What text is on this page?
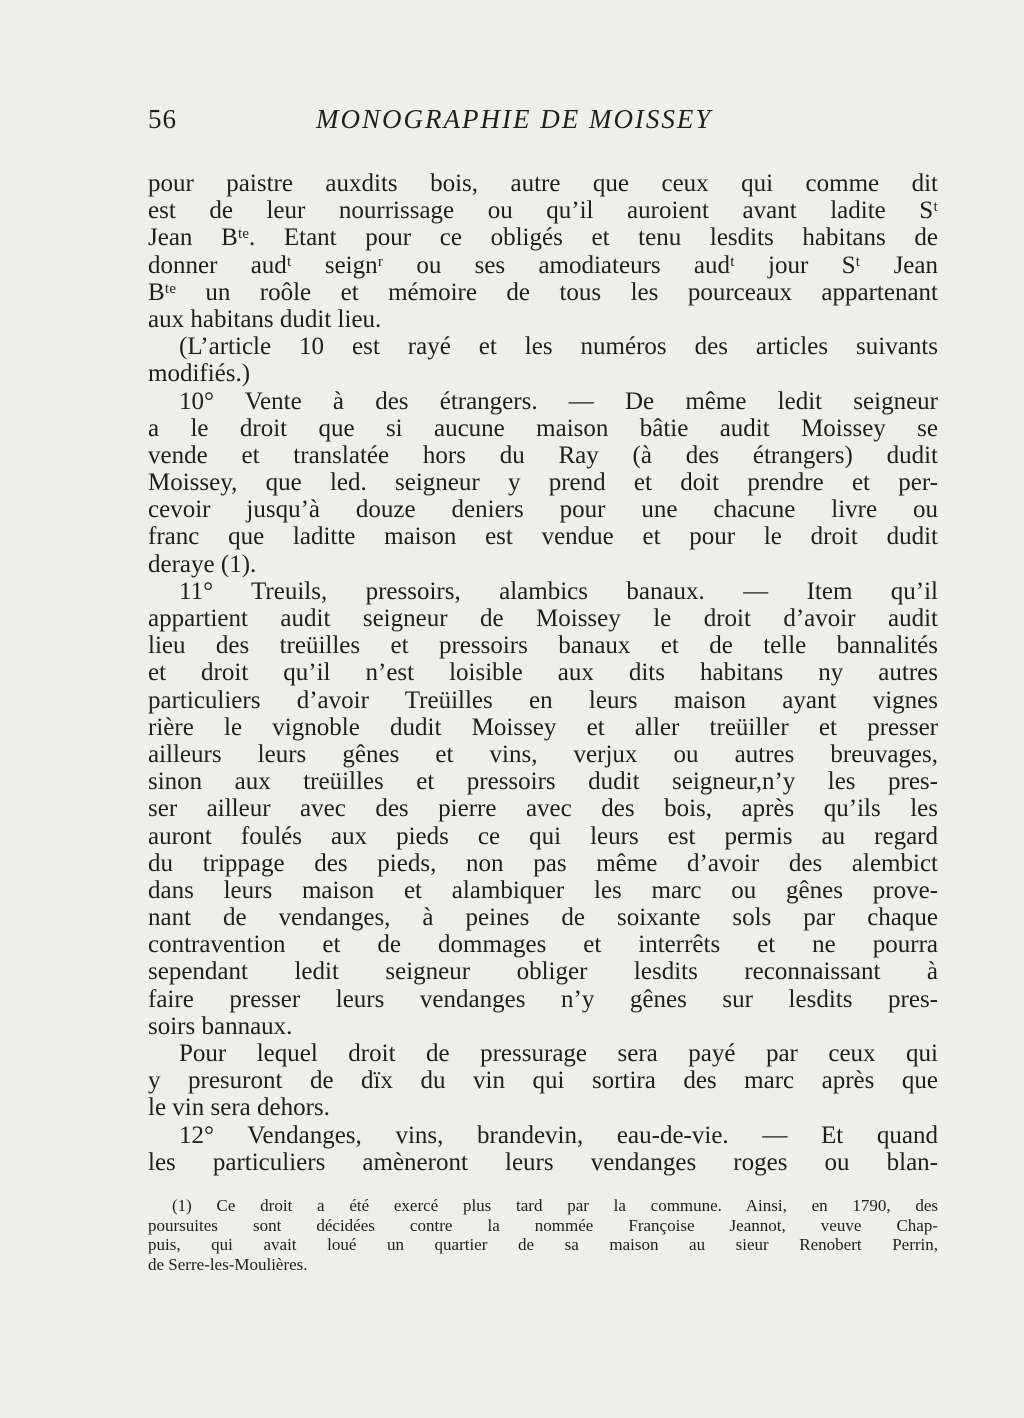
56	MONOGRAPHIE DE MOISSEY
pour paistre auxdits bois, autre que ceux qui comme dit
est de leur nourrissage ou qu’il auroient avant ladite Sᵗ
Jean Bᵗᵉ. Etant pour ce obligés et tenu lesdits habitans de
donner audᵗ seignʳ ou ses amodiateurs audᵗ jour Sᵗ Jean
Bᵗᵉ un roôle et mémoire de tous les pourceaux appartenant
aux habitans dudit lieu.
(L’article 10 est rayé et les numéros des articles suivants
modifiés.)
10° Vente à des étrangers. — De même ledit seigneur
a le droit que si aucune maison bâtie audit Moissey se
vende et translatée hors du Ray (à des étrangers) dudit
Moissey, que led. seigneur y prend et doit prendre et per-
cevoir jusqu’à douze deniers pour une chacune livre ou
franc que laditte maison est vendue et pour le droit dudit
deraye (1).
11° Treuils, pressoirs, alambics banaux. — Item qu’il
appartient audit seigneur de Moissey le droit d’avoir audit
lieu des treüilles et pressoirs banaux et de telle bannalités
et droit qu’il n’est loisible aux dits habitans ny autres
particuliers d’avoir Treüilles en leurs maison ayant vignes
rière le vignoble dudit Moissey et aller treüiller et presser
ailleurs leurs gênes et vins, verjux ou autres breuvages,
sinon aux treüilles et pressoirs dudit seigneur,n’y les pres-
ser ailleur avec des pierre avec des bois, après qu’ils les
auront foulés aux pieds ce qui leurs est permis au regard
du trippage des pieds, non pas même d’avoir des alembict
dans leurs maison et alambiquer les marc ou gênes prove-
nant de vendanges, à peines de soixante sols par chaque
contravention et de dommages et interrêts et ne pourra
sependant ledit seigneur obliger lesdits reconnaissant à
faire presser leurs vendanges n’y gênes sur lesdits pres-
soirs bannaux.
Pour lequel droit de pressurage sera payé par ceux qui
y presuront de dïx du vin qui sortira des marc après que
le vin sera dehors.
12° Vendanges, vins, brandevin, eau-de-vie. — Et quand
les particuliers amèneront leurs vendanges roges ou blan-
(1) Ce droit a été exercé plus tard par la commune. Ainsi, en 1790, des
poursuites sont décidées contre la nommée Françoise Jeannot, veuve Chap-
puis, qui avait loué un quartier de sa maison au sieur Renobert Perrin,
de Serre-les-Moulières.
